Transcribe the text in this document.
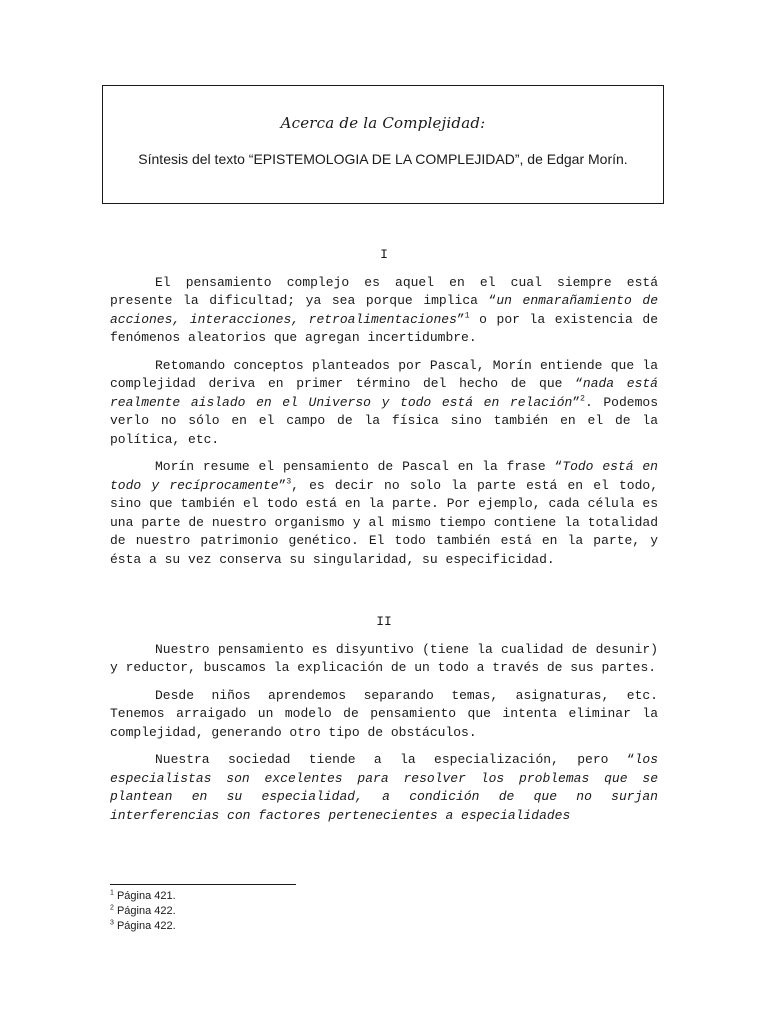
Acerca de la Complejidad:
Síntesis del texto “EPISTEMOLOGIA DE LA COMPLEJIDAD”, de Edgar Morín.
I

El pensamiento complejo es aquel en el cual siempre está presente la dificultad; ya sea porque implica “un enmarañamiento de acciones, interacciones, retroalimentaciones”$^1$ o por la existencia de fenómenos aleatorios que agregan incertidumbre.

Retomando conceptos planteados por Pascal, Morín entiende que la complejidad deriva en primer término del hecho de que “nada está realmente aislado en el Universo y todo está en relación”$^2$. Podemos verlo no sólo en el campo de la física sino también en el de la política, etc.

Morín resume el pensamiento de Pascal en la frase “Todo está en todo y recíprocamente”$^3$, es decir no solo la parte está en el todo, sino que también el todo está en la parte. Por ejemplo, cada célula es una parte de nuestro organismo y al mismo tiempo contiene la totalidad de nuestro patrimonio genético. El todo también está en la parte, y ésta a su vez conserva su singularidad, su especificidad.

II

Nuestro pensamiento es disyuntivo (tiene la cualidad de desunir) y reductor, buscamos la explicación de un todo a través de sus partes.

Desde niños aprendemos separando temas, asignaturas, etc. Tenemos arraigado un modelo de pensamiento que intenta eliminar la complejidad, generando otro tipo de obstáculos.

Nuestra sociedad tiende a la especialización, pero “los especialistas son excelentes para resolver los problemas que se plantean en su especialidad, a condición de que no surjan interferencias con factores pertenecientes a especialidades

$^1$ Página 421.
$^2$ Página 422.
$^3$ Página 422.
